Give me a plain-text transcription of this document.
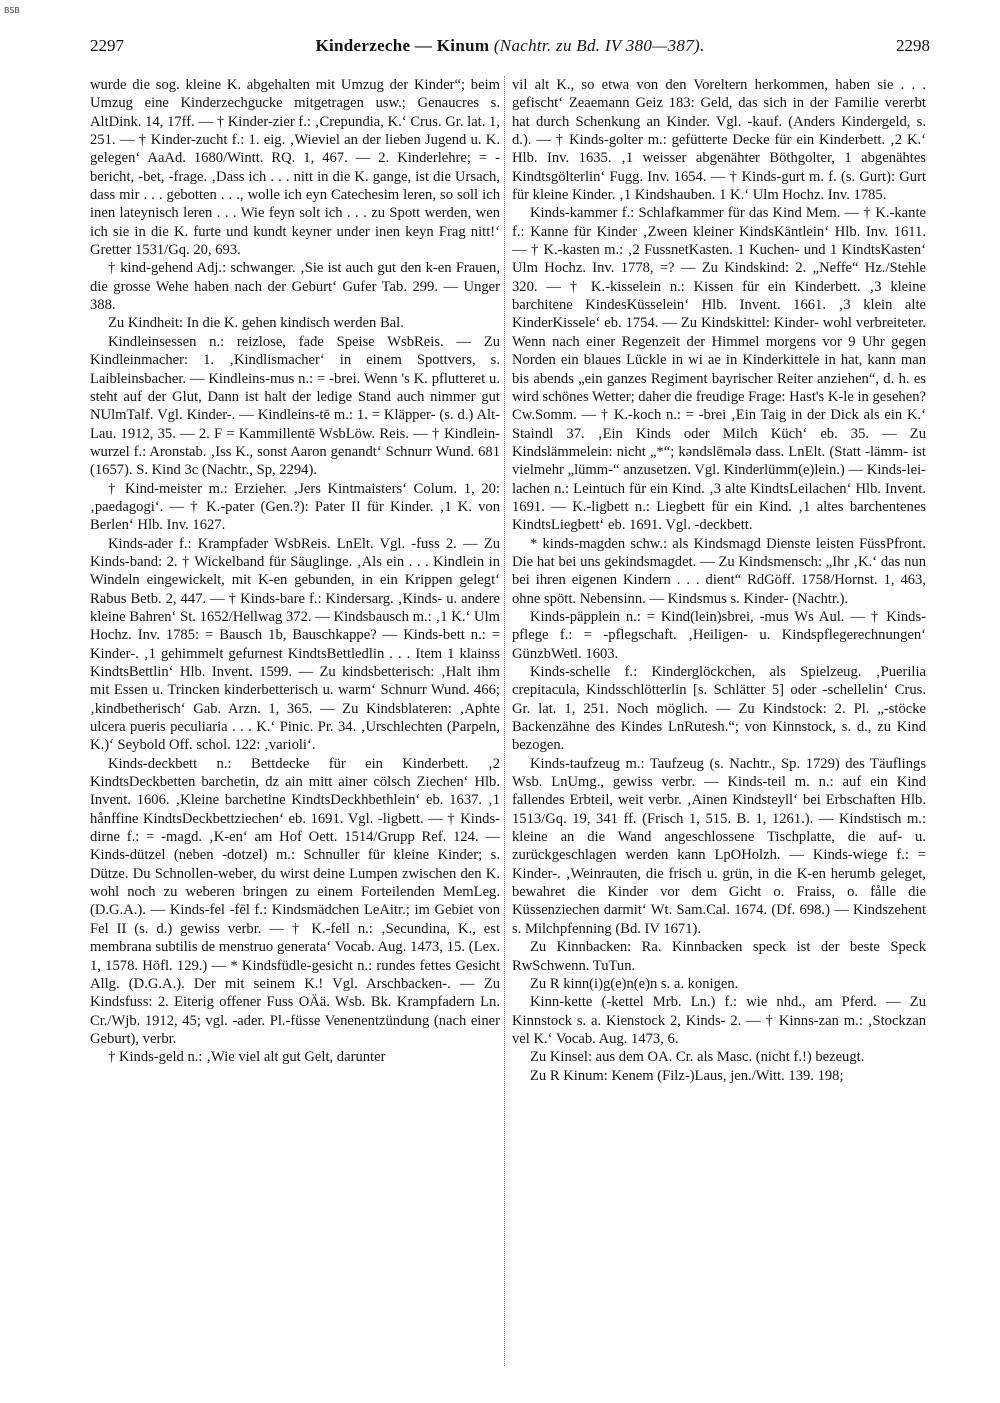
BSB
2297	Kinderzeche — Kinum (Nachtr. zu Bd. IV 380—387).	2298

wurde die sog. kleine K. abgehalten mit Umzug der Kinder“; beim Umzug eine Kinderzechgucke mitgetragen usw.; Genaucres s. AltDink. 14, 17ff. — † Kinder-zier f.: ‚Crepundia, K.‘ Crus. Gr. lat. 1, 251. — † Kinder-zucht f.: 1. eig. ‚Wieviel an der lieben Jugend u. K. gelegen‘ AaAd. 1680/Wintt. RQ. 1, 467. — 2. Kinderlehre; = -bericht, -bet, -frage. ‚Dass ich . . . nitt in die K. gange, ist die Ursach, dass mir . . . gebotten . . ., wolle ich eyn Catechesim leren, so soll ich inen lateynisch leren . . . Wie feyn solt ich . . . zu Spott werden, wen ich sie in die K. furte und kundt keyner under inen keyn Frag nitt!‘ Gretter 1531/Gq. 20, 693.

† kind-gehend Adj.: schwanger. ‚Sie ist auch gut den k-en Frauen, die grosse Wehe haben nach der Geburt‘ Gufer Tab. 299. — Unger 388.

Zu Kindheit: In die K. gehen kindisch werden Bal.

Kindleinsessen n.: reizlose, fade Speise WsbReis. — Zu Kindleinmacher: 1. ‚Kindlismacher‘ in einem Spottvers, s. Laibleinsbacher. — Kindleins-mus n.: = -brei. Wenn 's K. pflutteret u. steht auf der Glut, Dann ist halt der ledige Stand auch nimmer gut NUlmTalf. Vgl. Kinder-. — Kindleins-tē m.: 1. = Kläpper- (s. d.) Alt-Lau. 1912, 35. — 2. F = Kammillentē WsbLöw. Reis. — † Kindlein-wurzel f.: Aronstab. ‚Iss K., sonst Aaron genandt‘ Schnurr Wund. 681 (1657). S. Kind 3c (Nachtr., Sp, 2294).

† Kind-meister m.: Erzieher. ‚Jers Kintmaisters‘ Colum. 1, 20: ‚paedagogi‘. — † K.-pater (Gen.?): Pater II für Kinder. ‚1 K. von Berlen‘ Hlb. Inv. 1627.

Kinds-ader f.: Krampfader WsbReis. LnElt. Vgl. -fuss 2. — Zu Kinds-band: 2. † Wickelband für Säuglinge. ‚Als ein . . . Kindlein in Windeln eingewickelt, mit K-en gebunden, in ein Krippen gelegt‘ Rabus Betb. 2, 447. — † Kinds-bare f.: Kindersarg. ‚Kinds- u. andere kleine Bahren‘ St. 1652/Hellwag 372. — Kindsbausch m.: ‚1 K.‘ Ulm Hochz. Inv. 1785: = Bausch 1b, Bauschkappe? — Kinds-bett n.: = Kinder-. ‚1 gehimmelt gefurnest KindtsBettledlin . . . Item 1 klainss KindtsBettlin‘ Hlb. Invent. 1599. — Zu kindsbetterisch: ‚Halt ihm mit Essen u. Trincken kinderbetterisch u. warm‘ Schnurr Wund. 466; ‚kindbetherisch‘ Gab. Arzn. 1, 365. — Zu Kindsblateren: ‚Aphte ulcera pueris peculiaria . . . K.‘ Pinic. Pr. 34. ‚Urschlechten (Parpeln, K.)‘ Seybold Off. schol. 122: ‚varioli‘.

Kinds-deckbett n.: Bettdecke für ein Kinderbett. ‚2 KindtsDeckbetten barchetin, dz ain mitt ainer cölsch Ziechen‘ Hlb. Invent. 1606. ‚Kleine barchetine KindtsDeckhbethlein‘ eb. 1637. ‚1 hånffine KindtsDeckbettziechen‘ eb. 1691. Vgl. -ligbett. — † Kinds-dirne f.: = -magd. ‚K-en‘ am Hof Oett. 1514/Grupp Ref. 124. — Kinds-dützel (neben -dotzel) m.: Schnuller für kleine Kinder; s. Dütze. Du Schnollen-weber, du wirst deine Lumpen zwischen den K. wohl noch zu weberen bringen zu einem Forteilenden MemLeg. (D.G.A.). — Kinds-fel -fēl f.: Kindsmädchen LeAitr.; im Gebiet von Fel II (s. d.) gewiss verbr. — † K.-fell n.: ‚Secundina, K., est membrana subtilis de menstruo generata‘ Vocab. Aug. 1473, 15. (Lex. 1, 1578. Höfl. 129.) — * Kindsfüdle-gesicht n.: rundes fettes Gesicht Allg. (D.G.A.). Der mit seinem K.! Vgl. Arschbacken-. — Zu Kindsfuss: 2. Eiterig offener Fuss OÄä. Wsb. Bk. Krampfadern Ln. Cr./Wjb. 1912, 45; vgl. -ader. Pl.-füsse Venenentzündung (nach einer Geburt), verbr.

† Kinds-geld n.: ‚Wie viel alt gut Gelt, darunter

vil alt K., so etwa von den Voreltern herkommen, haben sie . . . gefischt‘ Zeaemann Geiz 183: Geld, das sich in der Familie vererbt hat durch Schenkung an Kinder. Vgl. -kauf. (Anders Kindergeld, s. d.). — † Kinds-golter m.: gefütterte Decke für ein Kinderbett. ‚2 K.‘ Hlb. Inv. 1635. ‚1 weisser abgenähter Böthgolter, 1 abgenähtes Kindtsgölterlin‘ Fugg. Inv. 1654. — † Kinds-gurt m. f. (s. Gurt): Gurt für kleine Kinder. ‚1 Kindshauben. 1 K.‘ Ulm Hochz. Inv. 1785.

Kinds-kammer f.: Schlafkammer für das Kind Mem. — † K.-kante f.: Kanne für Kinder ‚Zween kleiner KindsKäntlein‘ Hlb. Inv. 1611. — † K.-kasten m.: ‚2 FussnetKasten. 1 Kuchen- und 1 KindtsKasten‘ Ulm Hochz. Inv. 1778, =? — Zu Kindskind: 2. „Neffe“ Hz./Stehle 320. — † K.-kisselein n.: Kissen für ein Kinderbett. ‚3 kleine barchitene KindesKüsselein‘ Hlb. Invent. 1661. ‚3 klein alte KinderKissele‘ eb. 1754. — Zu Kindskittel: Kinder- wohl verbreiteter. Wenn nach einer Regenzeit der Himmel morgens vor 9 Uhr gegen Norden ein blaues Lückle in wi ae in Kinderkittele in hat, kann man bis abends „ein ganzes Regiment bayrischer Reiter anziehen“, d. h. es wird schönes Wetter; daher die freudige Frage: Hast's K-le in gesehen? Cw.Somm. — † K.-koch n.: = -brei ‚Ein Taig in der Dick als ein K.‘ Staindl 37. ‚Ein Kinds oder Milch Küch‘ eb. 35. — Zu Kindslämmelein: nicht „*“; kǝndslēmǝlǝ dass. LnElt. (Statt -lämm- ist vielmehr „lümm-“ anzusetzen. Vgl. Kinderlümm(e)lein.) — Kinds-leilachen n.: Leintuch für ein Kind. ‚3 alte KindtsLeilachen‘ Hlb. Invent. 1691. — K.-ligbett n.: Liegbett für ein Kind. ‚1 altes barchentenes KindtsLiegbett‘ eb. 1691. Vgl. -deckbett.

* kinds-magden schw.: als Kindsmagd Dienste leisten FüssPfront. Die hat bei uns gekindsmagdet. — Zu Kindsmensch: „Ihr ‚K.‘ das nun bei ihren eigenen Kindern . . . dient“ RdGöff. 1758/Hornst. 1, 463, ohne spött. Nebensinn. — Kindsmus s. Kinder- (Nachtr.).

Kinds-päpplein n.: = Kind(lein)sbrei, -mus Ws Aul. — † Kinds-pflege f.: = -pflegschaft. ‚Heiligen- u. Kindspflegerechnungen‘ GünzbWetl. 1603.

Kinds-schelle f.: Kinderglöckchen, als Spielzeug. ‚Puerilia crepitacula, Kindsschlötterlin [s. Schlätter 5] oder -schellelin‘ Crus. Gr. lat. 1, 251. Noch möglich. — Zu Kindstock: 2. Pl. „-stöcke Backenzähne des Kindes LnRutesh.“; von Kinnstock, s. d., zu Kind bezogen.

Kinds-taufzeug m.: Taufzeug (s. Nachtr., Sp. 1729) des Täuflings Wsb. LnUmg., gewiss verbr. — Kinds-teil m. n.: auf ein Kind fallendes Erbteil, weit verbr. ‚Ainen Kindsteyll‘ bei Erbschaften Hlb. 1513/Gq. 19, 341 ff. (Frisch 1, 515. B. 1, 1261.). — Kindstisch m.: kleine an die Wand angeschlossene Tischplatte, die auf- u. zurückgeschlagen werden kann LpOHolzh. — Kinds-wiege f.: = Kinder-. ‚Weinrauten, die frisch u. grün, in die K-en herumb geleget, bewahret die Kinder vor dem Gicht o. Fraiss, o. fålle die Küssenziechen darmit‘ Wt. Sam.Cal. 1674. (Df. 698.) — Kindszehent s. Milchpfenning (Bd. IV 1671).

Zu Kinnbacken: Ra. Kinnbacken speck ist der beste Speck RwSchwenn. TuTun.

Zu R kinn(i)g(e)n(e)n s. a. konigen.

Kinn-kette (-kettel Mrb. Ln.) f.: wie nhd., am Pferd. — Zu Kinnstock s. a. Kienstock 2, Kinds- 2. — † Kinns-zan m.: ‚Stockzan vel K.‘ Vocab. Aug. 1473, 6.

Zu Kinsel: aus dem OA. Cr. als Masc. (nicht f.!) bezeugt.

Zu R Kinum: Kenem (Filz-)Laus, jen./Witt. 139. 198;
